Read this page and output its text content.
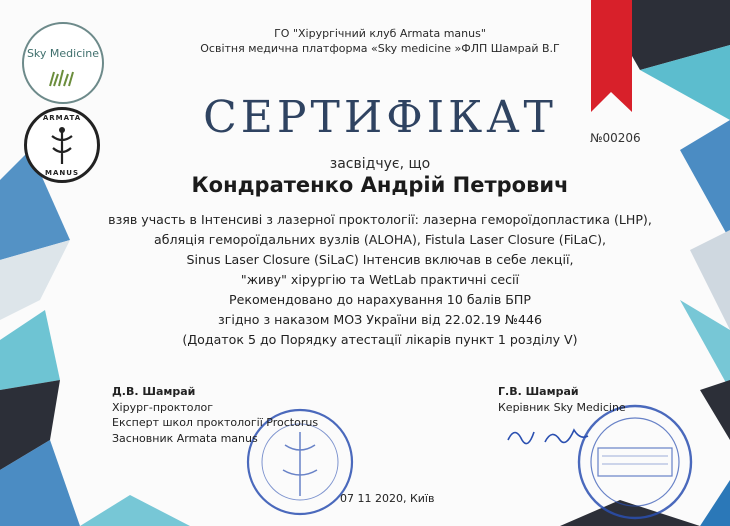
Sky Medicine
ARMATA
MANUS
ГО "Хірургічний клуб Armata manus"
Освітня медична платформа «Sky medicine »ФЛП Шамрай В.Г
СЕРТИФІКАТ	№00206
засвідчує, що
Кондратенко Андрій Петрович
взяв участь в Інтенсиві з лазерної проктології: лазерна гемороїдопластика (LHP),
абляція гемороїдальних вузлів (ALOHA), Fistula Laser Closure (FiLaC),
Sinus Laser Closure (SiLaC) Інтенсив включав в себе лекції,
"живу" хірургію та WetLab практичні сесії
Рекомендовано до нарахування 10 балів БПР
згідно з наказом МОЗ України від 22.02.19 №446
(Додаток 5 до Порядку атестації лікарів пункт 1 розділу V)
Д.В. Шамрай
Хірург-проктолог
Експерт школ проктології Proctorus
Засновник Armata manus
Г.В. Шамрай
Керівник Sky Medicine
07 11 2020, Київ
